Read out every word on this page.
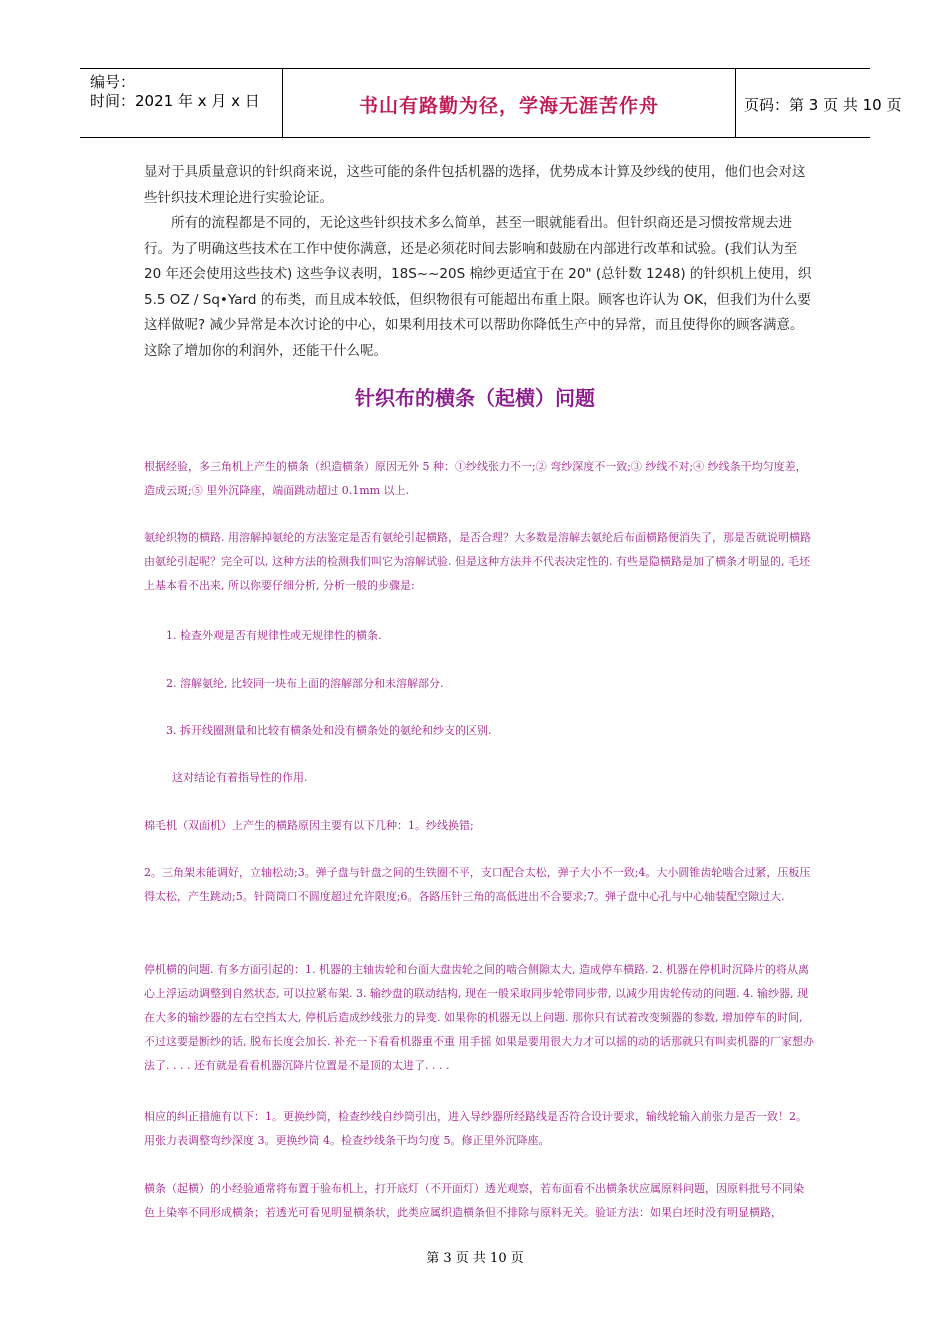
编号：
时间：2021 年 x 月 x 日	书山有路勤为径，学海无涯苦作舟	页码：第 3 页 共 10 页

显对于具质量意识的针织商来说，这些可能的条件包括机器的选择，优势成本计算及纱线的使用，他们也会对这些针织技术理论进行实验论证。

所有的流程都是不同的，无论这些针织技术多么简单，甚至一眼就能看出。但针织商还是习惯按常规去进行。为了明确这些技术在工作中使你满意，还是必须花时间去影响和鼓励在内部进行改革和试验。(我们认为至 20 年还会使用这些技术) 这些争议表明，18S~~20S 棉纱更适宜于在 20" (总针数 1248) 的针织机上使用，织 5.5 OZ / Sq•Yard 的布类，而且成本较低，但织物很有可能超出布重上限。顾客也许认为 OK，但我们为什么要这样做呢? 减少异常是本次讨论的中心，如果利用技术可以帮助你降低生产中的异常，而且使得你的顾客满意。这除了增加你的利润外，还能干什么呢。

针织布的横条（起横）问题

根据经验，多三角机上产生的横条（织造横条）原因无外 5 种：①纱线张力不一;② 弯纱深度不一致;③ 纱线不对;④ 纱线条干均匀度差，造成云斑;⑤ 里外沉降座，端面跳动超过 0.1mm 以上.

氨纶织物的横路. 用溶解掉氨纶的方法鉴定是否有氨纶引起横路，是否合理？大多数是溶解去氨纶后布面横路便消失了，那是否就说明横路由氨纶引起呢？完全可以, 这种方法的检测我们叫它为溶解试验. 但是这种方法并不代表决定性的. 有些是隐横路是加了横条才明显的, 毛坯上基本看不出来, 所以你要仔细分析, 分析一般的步骤是:

1. 检查外观是否有规律性或无规律性的横条.

2. 溶解氨纶, 比较同一块布上面的溶解部分和未溶解部分.

3. 拆开线圈测量和比较有横条处和没有横条处的氨纶和纱支的区别.

这对结论有着指导性的作用.

棉毛机（双面机）上产生的横路原因主要有以下几种：1。纱线换错;

2。三角架未能调好，立轴松动;3。弹子盘与针盘之间的生铁圈不平，支口配合太松，弹子大小不一致;4。大小圆锥齿轮啮合过紧，压板压得太松，产生跳动;5。针筒筒口不圆度超过允许限度;6。各路压针三角的高低进出不合要求;7。弹子盘中心孔与中心轴装配空隙过大.

停机横的问题. 有多方面引起的：1. 机器的主轴齿轮和台面大盘齿轮之间的啮合侧隙太大, 造成停车横路. 2. 机器在停机时沉降片的将从离心上浮运动调整到自然状态, 可以拉紧布架. 3. 输纱盘的联动结构, 现在一般采取同步轮带同步带, 以减少用齿轮传动的问题. 4. 输纱器, 现在大多的输纱器的左右空挡太大, 停机后造成纱线张力的异变. 如果你的机器无以上问题. 那你只有试着改变频器的参数, 增加停车的时间, 不过这要是断纱的话, 脱布长度会加长. 补充一下看看机器重不重 用手摇 如果是要用很大力才可以摇的动的话那就只有叫卖机器的厂家想办法了. . . . 还有就是看看机器沉降片位置是不是顶的太进了. . . .

相应的纠正措施有以下：1。更换纱筒，检查纱线自纱筒引出，进入导纱器所经路线是否符合设计要求，输线轮输入前张力是否一致！2。用张力表调整弯纱深度 3。更换纱筒 4。检查纱线条干均匀度 5。修正里外沉降座。

横条（起横）的小经验通常将布置于验布机上，打开底灯（不开面灯）透光观察，若布面看不出横条状应属原料问题，因原料批号不同染色上染率不同形成横条；若透光可看见明显横条状，此类应属织造横条但不排除与原料无关。验证方法：如果白坯时没有明显横路，

第 3 页 共 10 页
